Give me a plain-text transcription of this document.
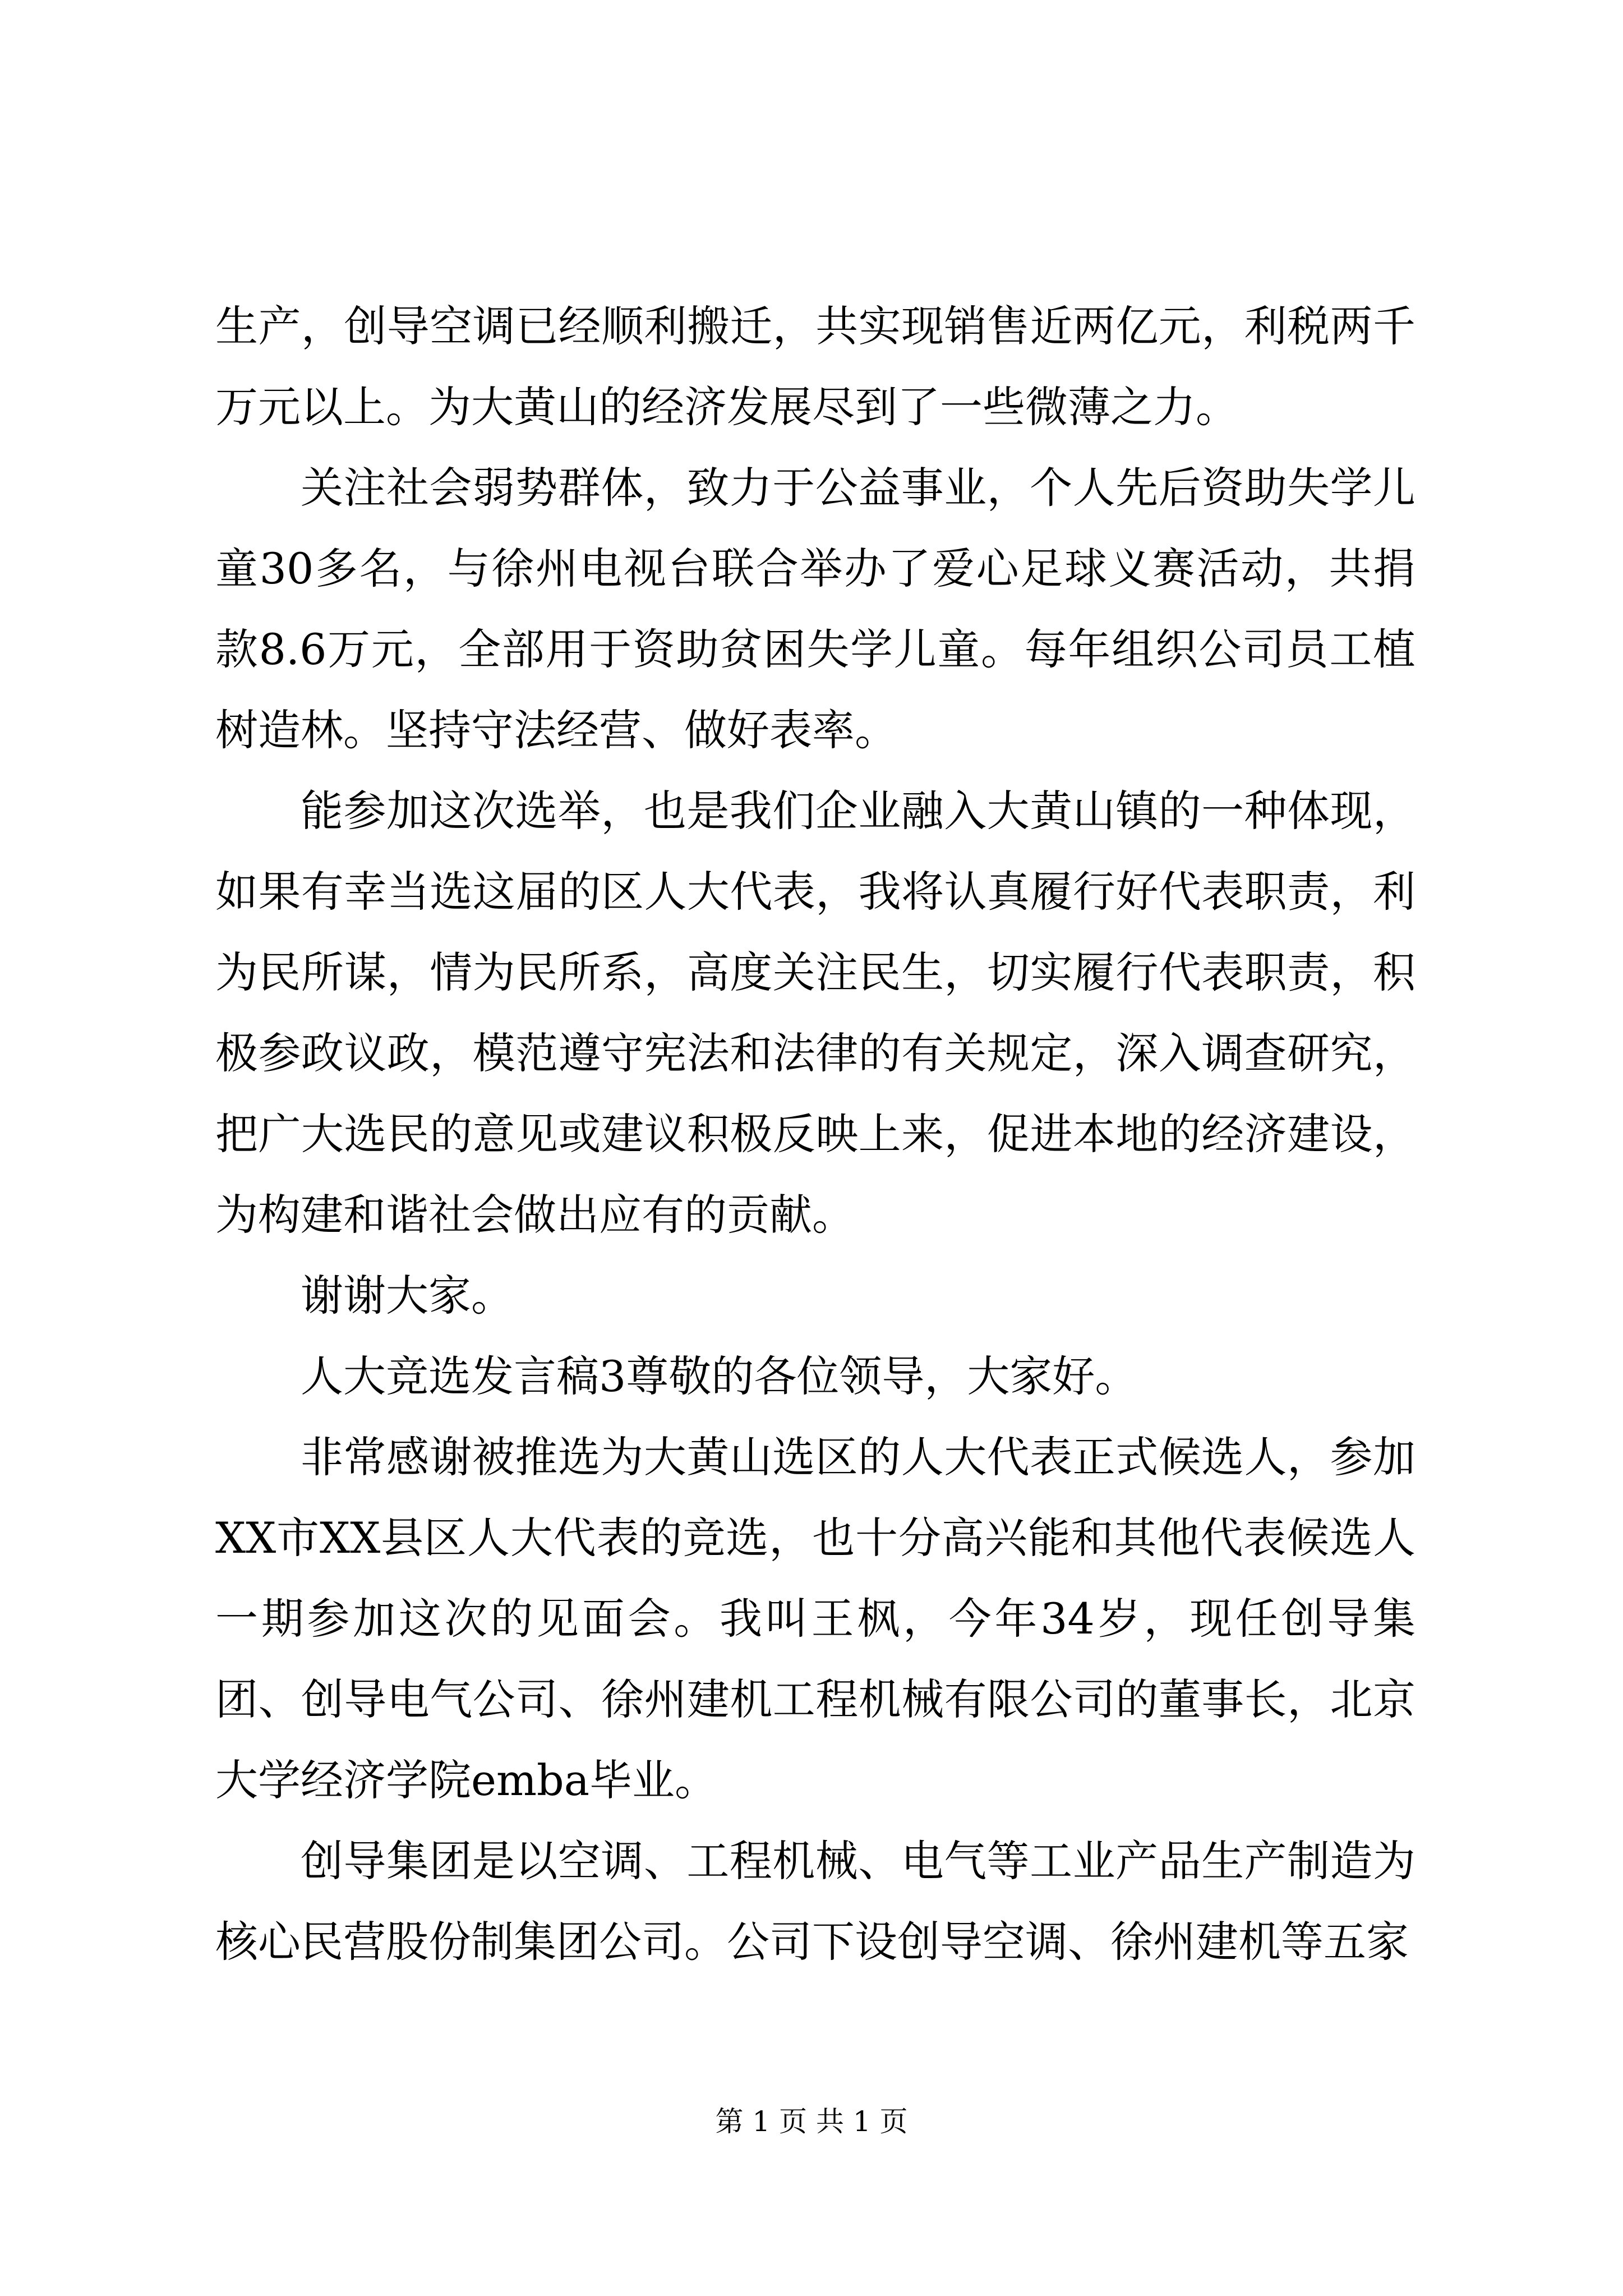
生产，创导空调已经顺利搬迁，共实现销售近两亿元，利税两千万元以上。为大黄山的经济发展尽到了一些微薄之力。

关注社会弱势群体，致力于公益事业，个人先后资助失学儿童30多名，与徐州电视台联合举办了爱心足球义赛活动，共捐款8.6万元，全部用于资助贫困失学儿童。每年组织公司员工植树造林。坚持守法经营、做好表率。

能参加这次选举，也是我们企业融入大黄山镇的一种体现，如果有幸当选这届的区人大代表，我将认真履行好代表职责，利为民所谋，情为民所系，高度关注民生，切实履行代表职责，积极参政议政，模范遵守宪法和法律的有关规定，深入调查研究，把广大选民的意见或建议积极反映上来，促进本地的经济建设，为构建和谐社会做出应有的贡献。

谢谢大家。

人大竞选发言稿3尊敬的各位领导，大家好。

非常感谢被推选为大黄山选区的人大代表正式候选人，参加XX市XX县区人大代表的竞选，也十分高兴能和其他代表候选人一期参加这次的见面会。我叫王枫，今年34岁，现任创导集团、创导电气公司、徐州建机工程机械有限公司的董事长，北京大学经济学院emba毕业。

创导集团是以空调、工程机械、电气等工业产品生产制造为核心民营股份制集团公司。公司下设创导空调、徐州建机等五家

第 1 页 共 1 页
